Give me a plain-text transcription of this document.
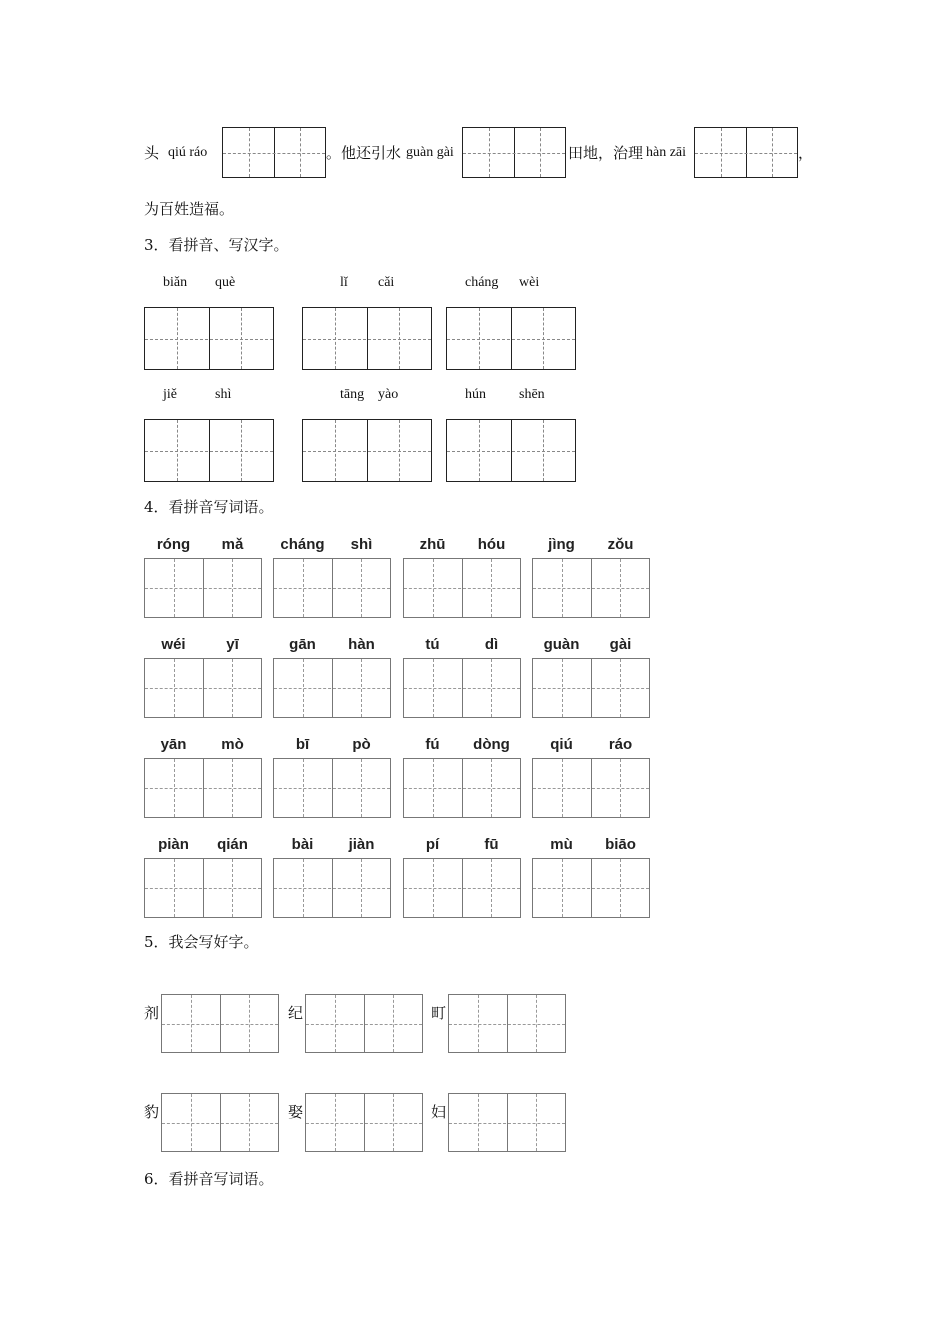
头 qiú ráo	。他还引水 guàn gài	田地，治理 hàn zāi	，
为百姓造福。
3．看拼音、写汉字。
4．看拼音写词语。
5．我会写好字。
6．看拼音写词语。
biǎn què	lǐ cǎi	cháng wèi
jiě	shì	tāng yào	hún shēn
róng	mǎ	cháng	shì	zhū	hóu	jìng	zǒu
wéi	yī	gān	hàn	tú	dì	guàn	gài
yān	mò	bī	pò	fú	dòng	qiú	ráo
piàn	qián	bài	jiàn	pí	fū	mù	biāo
剂	纪	町
豹	娶	妇
